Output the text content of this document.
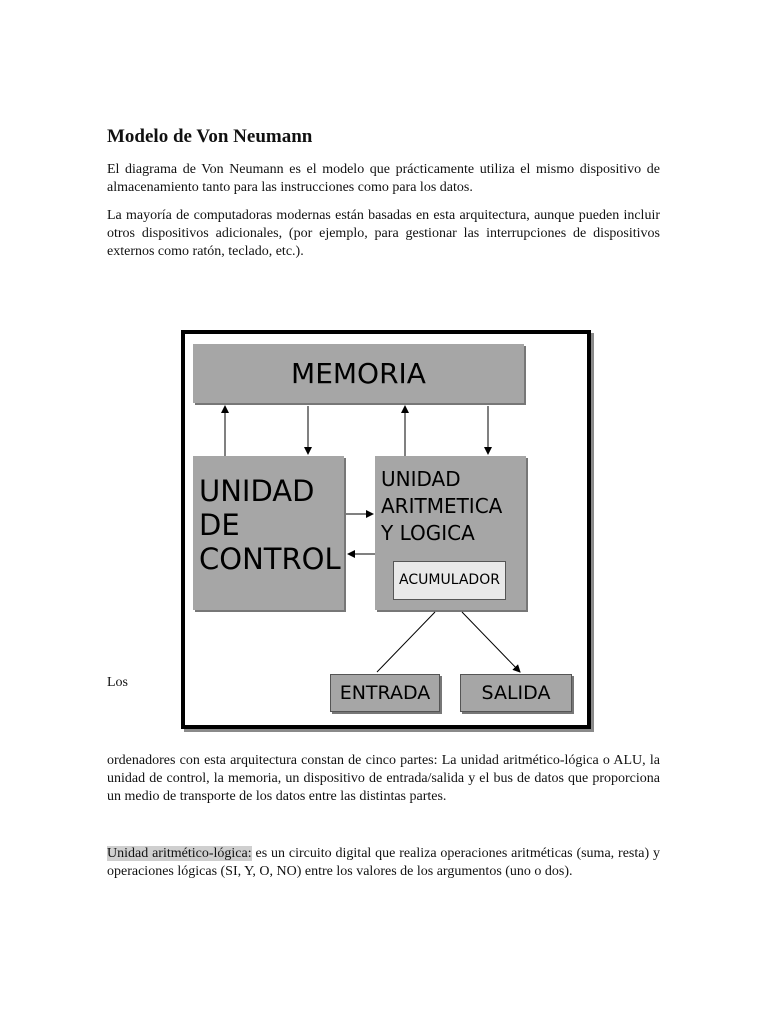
Modelo de Von Neumann

El diagrama de Von Neumann es el modelo que prácticamente utiliza el mismo dispositivo de almacenamiento tanto para las instrucciones como para los datos.

La mayoría de computadoras modernas están basadas en esta arquitectura, aunque pueden incluir otros dispositivos adicionales, (por ejemplo, para gestionar las interrupciones de dispositivos externos como ratón, teclado, etc.).

MEMORIA
UNIDAD
DE
CONTROL
UNIDAD
ARITMETICA
Y LOGICA
ACUMULADOR
ENTRADA	SALIDA
Los

ordenadores con esta arquitectura constan de cinco partes: La unidad aritmético-lógica o ALU, la unidad de control, la memoria, un dispositivo de entrada/salida y el bus de datos que proporciona un medio de transporte de los datos entre las distintas partes.

Unidad aritmético-lógica: es un circuito digital que realiza operaciones aritméticas (suma, resta) y operaciones lógicas (SI, Y, O, NO) entre los valores de los argumentos (uno o dos).
